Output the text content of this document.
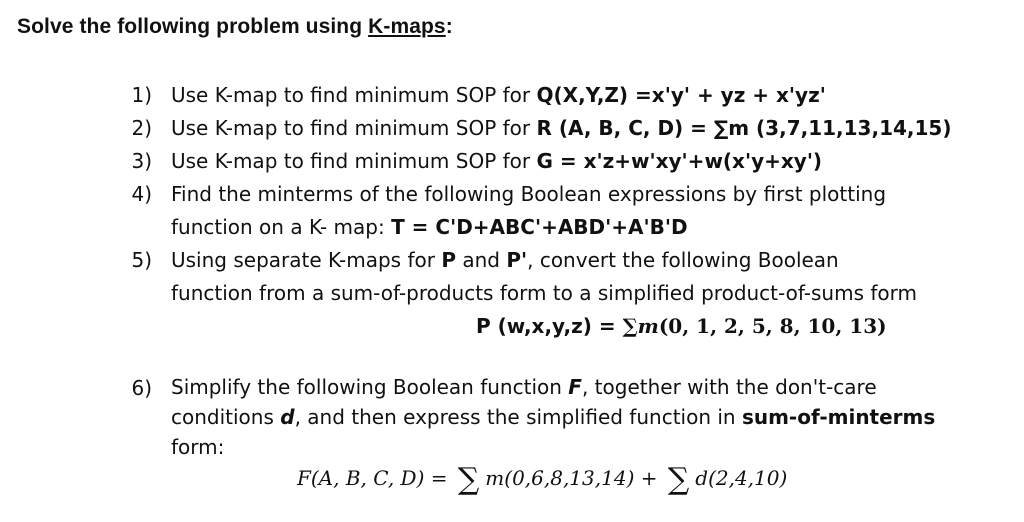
Solve the following problem using K-maps:
1) Use K-map to find minimum SOP for Q(X,Y,Z) =x'y' + yz + x'yz'
2) Use K-map to find minimum SOP for R (A, B, C, D) = ∑m (3,7,11,13,14,15)
3) Use K-map to find minimum SOP for G = x'z+w'xy'+w(x'y+xy')
4) Find the minterms of the following Boolean expressions by first plotting
function on a K- map: T = C'D+ABC'+ABD'+A'B'D
5) Using separate K-maps for P and P', convert the following Boolean
function from a sum-of-products form to a simplified product-of-sums form
P (w,x,y,z) = ∑m(0, 1, 2, 5, 8, 10, 13)
6) Simplify the following Boolean function F, together with the don't-care
conditions d, and then express the simplified function in sum-of-minterms
form:
F(A, B, C, D) = ∑ m(0,6,8,13,14) + ∑ d(2,4,10)
